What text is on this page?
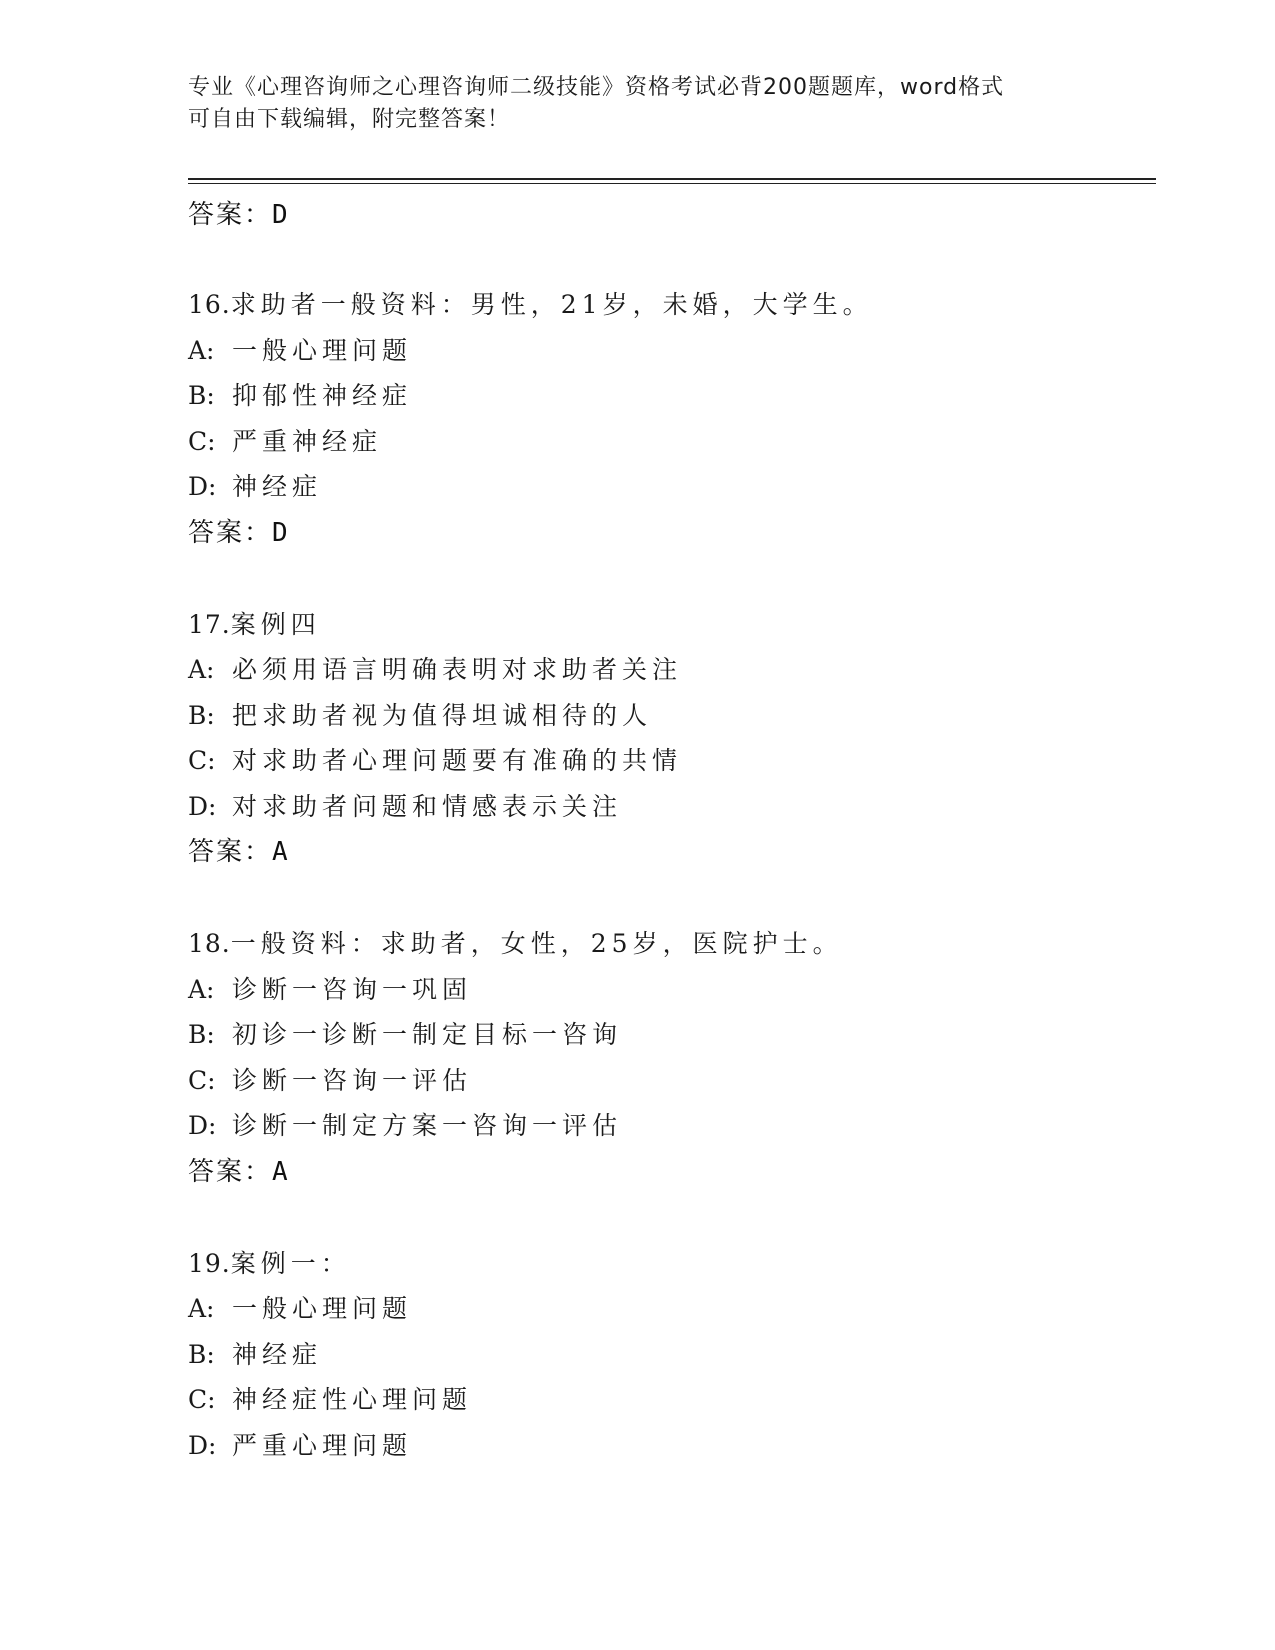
专业《心理咨询师之心理咨询师二级技能》资格考试必背200题题库，word格式
可自由下载编辑，附完整答案！
答案：D
16.求助者一般资料：男性，21岁，未婚，大学生。
A: 一般心理问题
B: 抑郁性神经症
C: 严重神经症
D: 神经症
答案：D
17.案例四
A: 必须用语言明确表明对求助者关注
B: 把求助者视为值得坦诚相待的人
C: 对求助者心理问题要有准确的共情
D: 对求助者问题和情感表示关注
答案：A
18.一般资料：求助者，女性，25岁，医院护士。
A: 诊断一咨询一巩固
B: 初诊一诊断一制定目标一咨询
C: 诊断一咨询一评估
D: 诊断一制定方案一咨询一评估
答案：A
19.案例一：
A: 一般心理问题
B: 神经症
C: 神经症性心理问题
D: 严重心理问题
